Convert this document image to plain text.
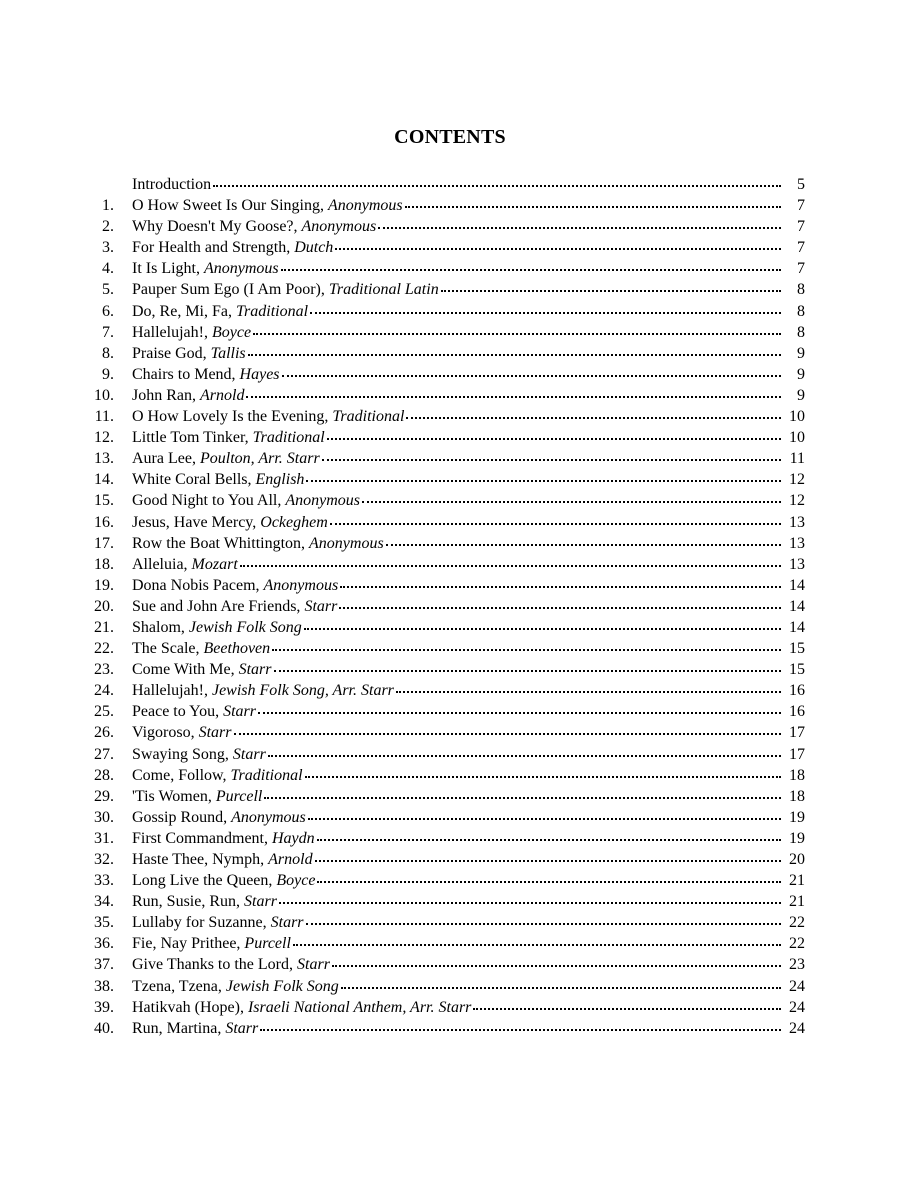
CONTENTS
Introduction	5
1.	O How Sweet Is Our Singing, Anonymous	7
2.	Why Doesn't My Goose?, Anonymous	7
3.	For Health and Strength, Dutch	7
4.	It Is Light, Anonymous	7
5.	Pauper Sum Ego (I Am Poor), Traditional Latin	8
6.	Do, Re, Mi, Fa, Traditional	8
7.	Hallelujah!, Boyce	8
8.	Praise God, Tallis	9
9.	Chairs to Mend, Hayes	9
10.	John Ran, Arnold	9
11.	O How Lovely Is the Evening, Traditional	10
12.	Little Tom Tinker, Traditional	10
13.	Aura Lee, Poulton, Arr. Starr	11
14.	White Coral Bells, English	12
15.	Good Night to You All, Anonymous	12
16.	Jesus, Have Mercy, Ockeghem	13
17.	Row the Boat Whittington, Anonymous	13
18.	Alleluia, Mozart	13
19.	Dona Nobis Pacem, Anonymous	14
20.	Sue and John Are Friends, Starr	14
21.	Shalom, Jewish Folk Song	14
22.	The Scale, Beethoven	15
23.	Come With Me, Starr	15
24.	Hallelujah!, Jewish Folk Song, Arr. Starr	16
25.	Peace to You, Starr	16
26.	Vigoroso, Starr	17
27.	Swaying Song, Starr	17
28.	Come, Follow, Traditional	18
29.	'Tis Women, Purcell	18
30.	Gossip Round, Anonymous	19
31.	First Commandment, Haydn	19
32.	Haste Thee, Nymph, Arnold	20
33.	Long Live the Queen, Boyce	21
34.	Run, Susie, Run, Starr	21
35.	Lullaby for Suzanne, Starr	22
36.	Fie, Nay Prithee, Purcell	22
37.	Give Thanks to the Lord, Starr	23
38.	Tzena, Tzena, Jewish Folk Song	24
39.	Hatikvah (Hope), Israeli National Anthem, Arr. Starr	24
40.	Run, Martina, Starr	24
